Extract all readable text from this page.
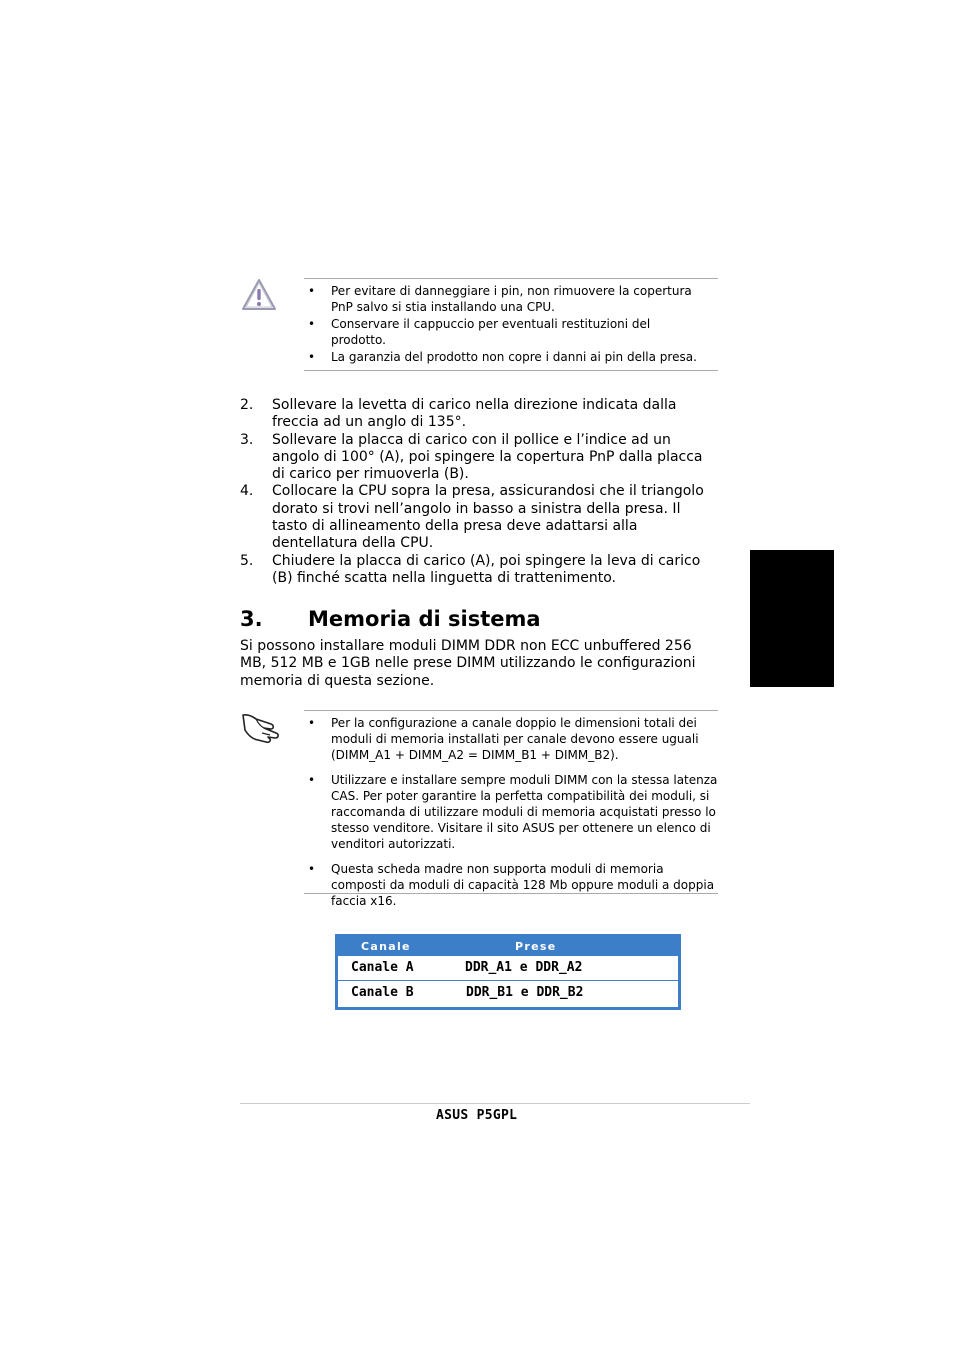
• Per evitare di danneggiare i pin, non rimuovere la copertura
PnP salvo si stia installando una CPU.
• Conservare il cappuccio per eventuali restituzioni del
prodotto.
• La garanzia del prodotto non copre i danni ai pin della presa.
2. Sollevare la levetta di carico nella direzione indicata dalla freccia ad un anglo di 135°.
3. Sollevare la placca di carico con il pollice e l’indice ad un angolo di 100° (A), poi spingere la copertura PnP dalla placca di carico per rimuoverla (B).
4. Collocare la CPU sopra la presa, assicurandosi che il triangolo dorato si trovi nell’angolo in basso a sinistra della presa. Il tasto di allineamento della presa deve adattarsi alla dentellatura della CPU.
5. Chiudere la placca di carico (A), poi spingere la leva di carico (B) finché scatta nella linguetta di trattenimento.
3. Memoria di sistema

Si possono installare moduli DIMM DDR non ECC unbuffered 256 MB, 512 MB e 1GB nelle prese DIMM utilizzando le configurazioni memoria di questa sezione.

• Per la configurazione a canale doppio le dimensioni totali dei moduli di memoria installati per canale devono essere uguali (DIMM_A1 + DIMM_A2 = DIMM_B1 + DIMM_B2).
• Utilizzare e installare sempre moduli DIMM con la stessa latenza CAS. Per poter garantire la perfetta compatibilità dei moduli, si raccomanda di utilizzare moduli di memoria acquistati presso lo stesso venditore. Visitare il sito ASUS per ottenere un elenco di venditori autorizzati.
• Questa scheda madre non supporta moduli di memoria composti da moduli di capacità 128 Mb oppure moduli a doppia faccia x16.
Canale	Prese
Canale A	DDR_A1 e DDR_A2
Canale B	DDR_B1 e DDR_B2
ASUS P5GPL
